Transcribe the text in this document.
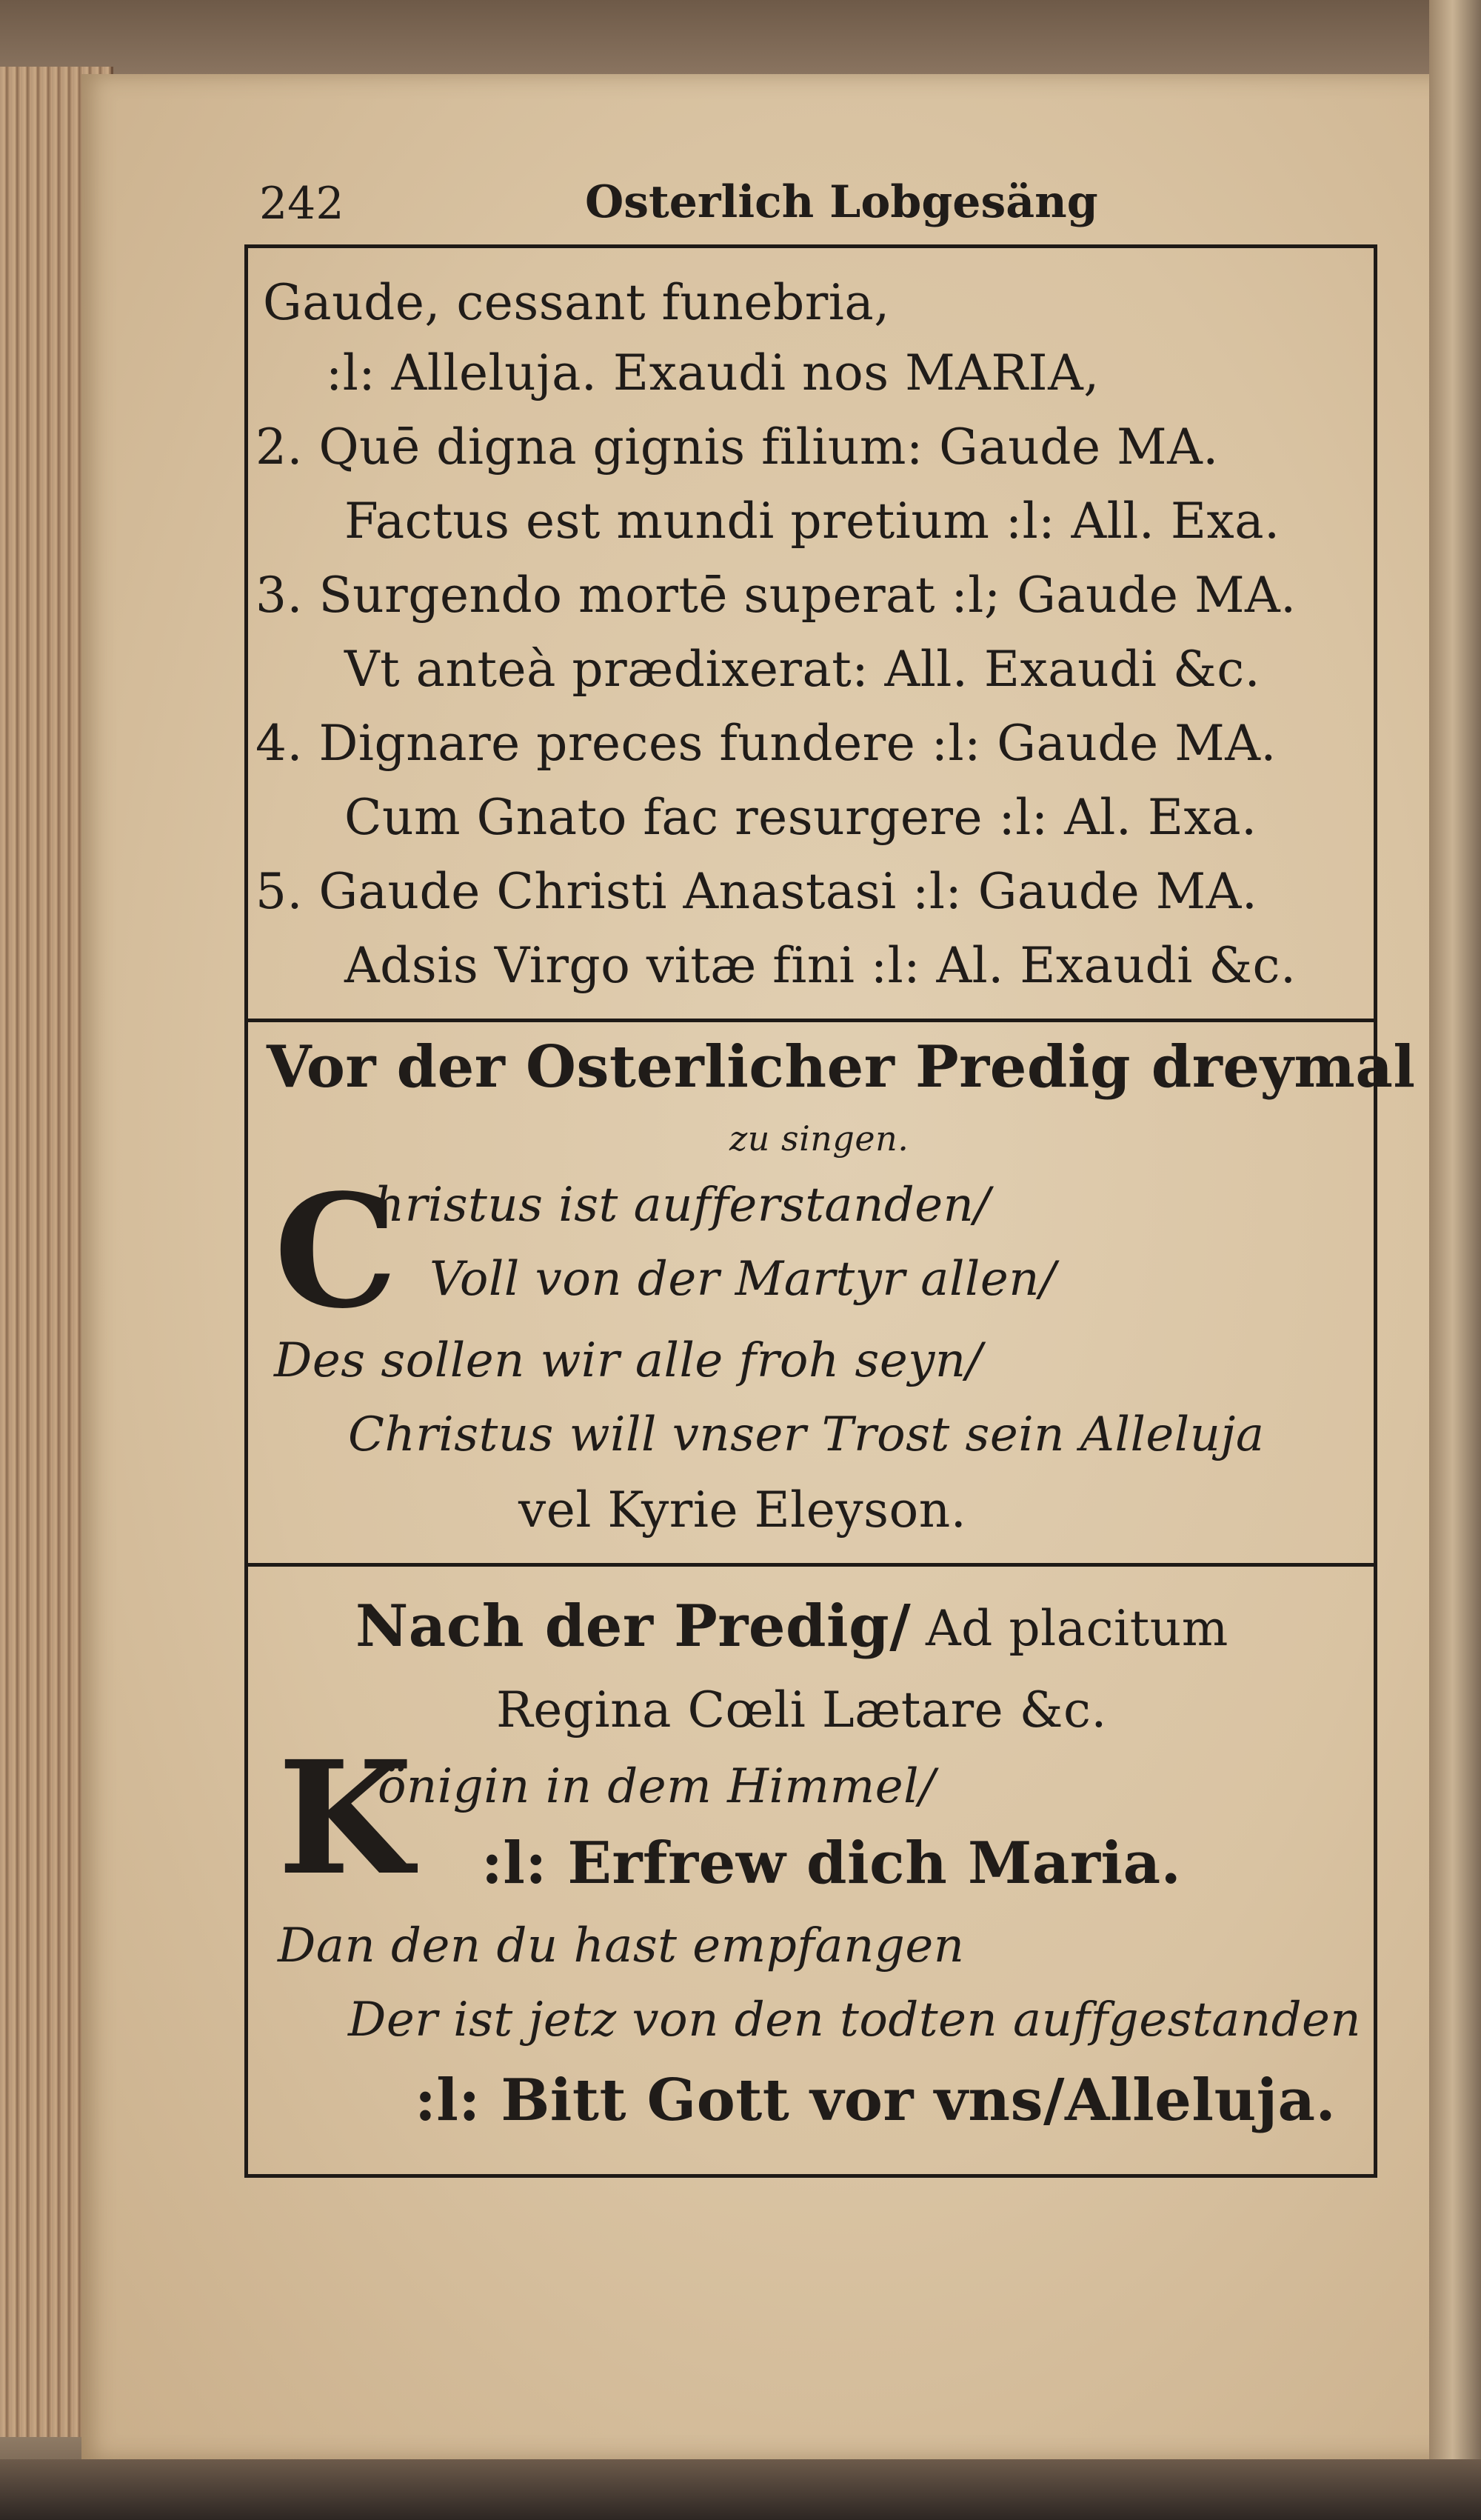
242	Osterlich Lobgesäng
Gaude, cessant funebria,
:l: Alleluja. Exaudi nos MARIA,
2. Quē digna gignis filium: Gaude MA.
Factus est mundi pretium :l: All. Exa.
3. Surgendo mortē superat :l; Gaude MA.
Vt anteà prædixerat: All. Exaudi &c.
4. Dignare preces fundere :l: Gaude MA.
Cum Gnato fac resurgere :l: Al. Exa.
5. Gaude Christi Anastasi :l: Gaude MA.
Adsis Virgo vitæ fini :l: Al. Exaudi &c.
Vor der Osterlicher Predig dreymal
zu singen.
C
hristus ist aufferstanden/
Voll von der Martyr allen/
Des sollen wir alle froh seyn/
Christus will vnser Trost sein Alleluja
vel Kyrie Eleyson.
Nach der Predig/ Ad placitum
Regina Cœli Lætare &c.
K
önigin in dem Himmel/
:l: Erfrew dich Maria.
Dan den du hast empfangen
Der ist jetz von den todten auffgestanden
:l: Bitt Gott vor vns/Alleluja.
